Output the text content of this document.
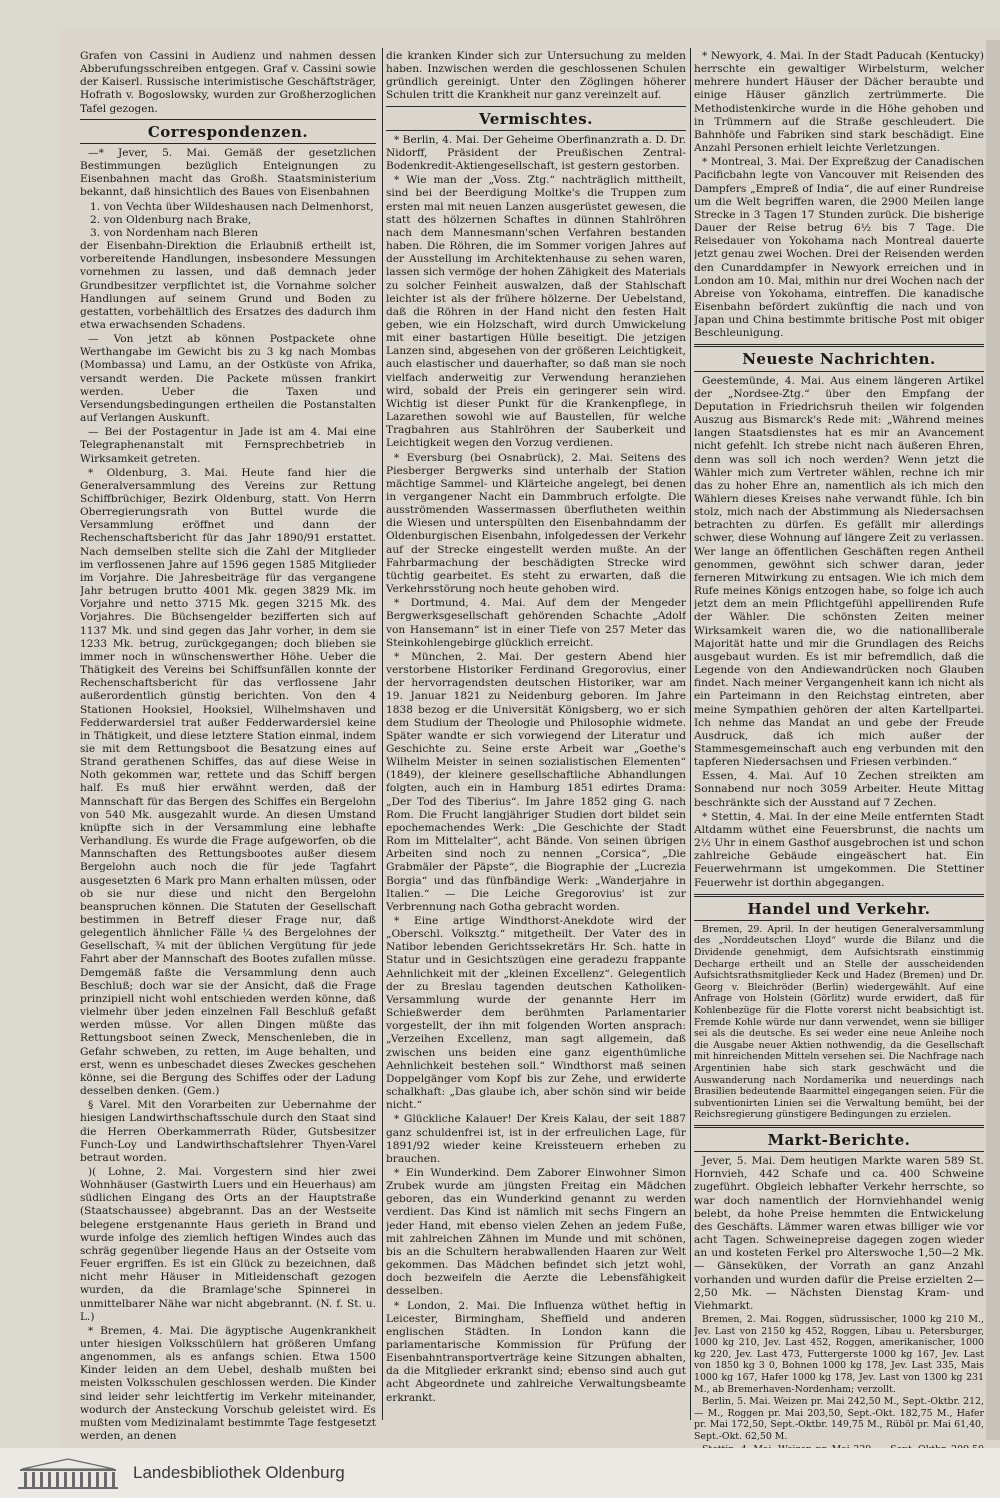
Grafen von Cassini in Audienz und nahmen dessen Abberufungsschreiben entgegen. Graf v. Cassini sowie der Kaiserl. Russische interimistische Geschäftsträger, Hofrath v. Bogoslowsky, wurden zur Großherzoglichen Tafel gezogen.

Correspondenzen.

—* Jever, 5. Mai. Gemäß der gesetzlichen Bestimmungen bezüglich Enteignungen zu Eisenbahnen macht das Großh. Staatsministerium bekannt, daß hinsichtlich des Baues von Eisenbahnen

1. von Vechta über Wildeshausen nach Delmenhorst,

2. von Oldenburg nach Brake,

3. von Nordenham nach Bleren

der Eisenbahn-Direktion die Erlaubniß ertheilt ist, vorbereitende Handlungen, insbesondere Messungen vornehmen zu lassen, und daß demnach jeder Grundbesitzer verpflichtet ist, die Vornahme solcher Handlungen auf seinem Grund und Boden zu gestatten, vorbehältlich des Ersatzes des dadurch ihm etwa erwachsenden Schadens.

— Von jetzt ab können Postpackete ohne Werthangabe im Gewicht bis zu 3 kg nach Mombas (Mombassa) und Lamu, an der Ostküste von Afrika, versandt werden. Die Packete müssen frankirt werden. Ueber die Taxen und Versendungsbedingungen ertheilen die Postanstalten auf Verlangen Auskunft.

— Bei der Postagentur in Jade ist am 4. Mai eine Telegraphenanstalt mit Fernsprechbetrieb in Wirksamkeit getreten.

* Oldenburg, 3. Mai. Heute fand hier die Generalversammlung des Vereins zur Rettung Schiffbrüchiger, Bezirk Oldenburg, statt. Von Herrn Oberregierungsrath von Buttel wurde die Versammlung eröffnet und dann der Rechenschaftsbericht für das Jahr 1890/91 erstattet. Nach demselben stellte sich die Zahl der Mitglieder im verflossenen Jahre auf 1596 gegen 1585 Mitglieder im Vorjahre. Die Jahresbeiträge für das vergangene Jahr betrugen brutto 4001 Mk. gegen 3829 Mk. im Vorjahre und netto 3715 Mk. gegen 3215 Mk. des Vorjahres. Die Büchsengelder bezifferten sich auf 1137 Mk. und sind gegen das Jahr vorher, in dem sie 1233 Mk. betrug, zurückgegangen; doch blieben sie immer noch in wünschenswerther Höhe. Ueber die Thätigkeit des Vereins bei Schiffsunfällen konnte der Rechenschaftsbericht für das verflossene Jahr außerordentlich günstig berichten. Von den 4 Stationen Hooksiel, Hooksiel, Wilhelmshaven und Fedderwardersiel trat außer Fedderwardersiel keine in Thätigkeit, und diese letztere Station einmal, indem sie mit dem Rettungsboot die Besatzung eines auf Strand gerathenen Schiffes, das auf diese Weise in Noth gekommen war, rettete und das Schiff bergen half. Es muß hier erwähnt werden, daß der Mannschaft für das Bergen des Schiffes ein Bergelohn von 540 Mk. ausgezahlt wurde. An diesen Umstand knüpfte sich in der Versammlung eine lebhafte Verhandlung. Es wurde die Frage aufgeworfen, ob die Mannschaften des Rettungsbootes außer diesem Bergelohn auch noch die für jede Tagfahrt ausgesetzten 6 Mark pro Mann erhalten müssen, oder ob sie nur diese und nicht den Bergelohn beanspruchen können. Die Statuten der Gesellschaft bestimmen in Betreff dieser Frage nur, daß gelegentlich ähnlicher Fälle ¼ des Bergelohnes der Gesellschaft, ¾ mit der üblichen Vergütung für jede Fahrt aber der Mannschaft des Bootes zufallen müsse. Demgemäß faßte die Versammlung denn auch Beschluß; doch war sie der Ansicht, daß die Frage prinzipiell nicht wohl entschieden werden könne, daß vielmehr über jeden einzelnen Fall Beschluß gefaßt werden müsse. Vor allen Dingen müßte das Rettungsboot seinen Zweck, Menschenleben, die in Gefahr schweben, zu retten, im Auge behalten, und erst, wenn es unbeschadet dieses Zweckes geschehen könne, sei die Bergung des Schiffes oder der Ladung desselben denken. (Gem.)

§ Varel. Mit den Vorarbeiten zur Uebernahme der hiesigen Landwirthschaftsschule durch den Staat sind die Herren Oberkammerrath Rüder, Gutsbesitzer Funch-Loy und Landwirthschaftslehrer Thyen-Varel betraut worden.

)( Lohne, 2. Mai. Vorgestern sind hier zwei Wohnhäuser (Gastwirth Luers und ein Heuerhaus) am südlichen Eingang des Orts an der Hauptstraße (Staatschaussee) abgebrannt. Das an der Westseite belegene erstgenannte Haus gerieth in Brand und wurde infolge des ziemlich heftigen Windes auch das schräg gegenüber liegende Haus an der Ostseite vom Feuer ergriffen. Es ist ein Glück zu bezeichnen, daß nicht mehr Häuser in Mitleidenschaft gezogen wurden, da die Bramlage'sche Spinnerei in unmittelbarer Nähe war nicht abgebrannt. (N. f. St. u. L.)

* Bremen, 4. Mai. Die ägyptische Augenkrankheit unter hiesigen Volksschülern hat größeren Umfang angenommen, als es anfangs schien. Etwa 1500 Kinder leiden an dem Uebel, deshalb mußten bei meisten Volksschulen geschlossen werden. Die Kinder sind leider sehr leichtfertig im Verkehr miteinander, wodurch der Ansteckung Vorschub geleistet wird. Es mußten vom Medizinalamt bestimmte Tage festgesetzt werden, an denen

die kranken Kinder sich zur Untersuchung zu melden haben. Inzwischen werden die geschlossenen Schulen gründlich gereinigt. Unter den Zöglingen höherer Schulen tritt die Krankheit nur ganz vereinzelt auf.

Vermischtes.

* Berlin, 4. Mai. Der Geheime Oberfinanzrath a. D. Dr. Nidorff, Präsident der Preußischen Zentral-Bodenkredit-Aktiengesellschaft, ist gestern gestorben.

* Wie man der „Voss. Ztg.“ nachträglich mittheilt, sind bei der Beerdigung Moltke's die Truppen zum ersten mal mit neuen Lanzen ausgerüstet gewesen, die statt des hölzernen Schaftes in dünnen Stahlröhren nach dem Mannesmann'schen Verfahren bestanden haben. Die Röhren, die im Sommer vorigen Jahres auf der Ausstellung im Architektenhause zu sehen waren, lassen sich vermöge der hohen Zähigkeit des Materials zu solcher Feinheit auswalzen, daß der Stahlschaft leichter ist als der frühere hölzerne. Der Uebelstand, daß die Röhren in der Hand nicht den festen Halt geben, wie ein Holzschaft, wird durch Umwickelung mit einer bastartigen Hülle beseitigt. Die jetzigen Lanzen sind, abgesehen von der größeren Leichtigkeit, auch elastischer und dauerhafter, so daß man sie noch vielfach anderweitig zur Verwendung heranziehen wird, sobald der Preis ein geringerer sein wird. Wichtig ist dieser Punkt für die Krankenpflege, in Lazarethen sowohl wie auf Baustellen, für welche Tragbahren aus Stahlröhren der Sauberkeit und Leichtigkeit wegen den Vorzug verdienen.

* Eversburg (bei Osnabrück), 2. Mai. Seitens des Piesberger Bergwerks sind unterhalb der Station mächtige Sammel- und Klärteiche angelegt, bei denen in vergangener Nacht ein Dammbruch erfolgte. Die ausströmenden Wassermassen überflutheten weithin die Wiesen und unterspülten den Eisenbahndamm der Oldenburgischen Eisenbahn, infolgedessen der Verkehr auf der Strecke eingestellt werden mußte. An der Fahrbarmachung der beschädigten Strecke wird tüchtig gearbeitet. Es steht zu erwarten, daß die Verkehrsstörung noch heute gehoben wird.

* Dortmund, 4. Mai. Auf dem der Mengeder Bergwerksgesellschaft gehörenden Schachte „Adolf von Hansemann“ ist in einer Tiefe von 257 Meter das Steinkohlengebirge glücklich erreicht.

* München, 2. Mai. Der gestern Abend hier verstorbene Historiker Ferdinand Gregorovius, einer der hervorragendsten deutschen Historiker, war am 19. Januar 1821 zu Neidenburg geboren. Im Jahre 1838 bezog er die Universität Königsberg, wo er sich dem Studium der Theologie und Philosophie widmete. Später wandte er sich vorwiegend der Literatur und Geschichte zu. Seine erste Arbeit war „Goethe's Wilhelm Meister in seinen sozialistischen Elementen“ (1849), der kleinere gesellschaftliche Abhandlungen folgten, auch ein in Hamburg 1851 edirtes Drama: „Der Tod des Tiberius“. Im Jahre 1852 ging G. nach Rom. Die Frucht langjähriger Studien dort bildet sein epochemachendes Werk: „Die Geschichte der Stadt Rom im Mittelalter“, acht Bände. Von seinen übrigen Arbeiten sind noch zu nennen „Corsica“, „Die Grabmäler der Päpste“, die Biographie der „Lucrezia Borgia“ und das fünfbändige Werk: „Wanderjahre in Italien.“ — Die Leiche Gregorovius' ist zur Verbrennung nach Gotha gebracht worden.

* Eine artige Windthorst-Anekdote wird der „Oberschl. Volksztg.“ mitgetheilt. Der Vater des in Natibor lebenden Gerichtssekretärs Hr. Sch. hatte in Statur und in Gesichtszügen eine geradezu frappante Aehnlichkeit mit der „kleinen Excellenz“. Gelegentlich der zu Breslau tagenden deutschen Katholiken-Versammlung wurde der genannte Herr im Schießwerder dem berühmten Parlamentarier vorgestellt, der ihn mit folgenden Worten ansprach: „Verzeihen Excellenz, man sagt allgemein, daß zwischen uns beiden eine ganz eigenthümliche Aehnlichkeit bestehen soll.“ Windthorst maß seinen Doppelgänger vom Kopf bis zur Zehe, und erwiderte schalkhaft: „Das glaube ich, aber schön sind wir beide nicht.“

* Glückliche Kalauer! Der Kreis Kalau, der seit 1887 ganz schuldenfrei ist, ist in der erfreulichen Lage, für 1891/92 wieder keine Kreissteuern erheben zu brauchen.

* Ein Wunderkind. Dem Zaborer Einwohner Simon Zrubek wurde am jüngsten Freitag ein Mädchen geboren, das ein Wunderkind genannt zu werden verdient. Das Kind ist nämlich mit sechs Fingern an jeder Hand, mit ebenso vielen Zehen an jedem Fuße, mit zahlreichen Zähnen im Munde und mit schönen, bis an die Schultern herabwallenden Haaren zur Welt gekommen. Das Mädchen befindet sich jetzt wohl, doch bezweifeln die Aerzte die Lebensfähigkeit desselben.

* London, 2. Mai. Die Influenza wüthet heftig in Leicester, Birmingham, Sheffield und anderen englischen Städten. In London kann die parlamentarische Kommission für Prüfung der Eisenbahntransportverträge keine Sitzungen abhalten, da die Mitglieder erkrankt sind; ebenso sind auch gut acht Abgeordnete und zahlreiche Verwaltungsbeamte erkrankt.

* Newyork, 4. Mai. In der Stadt Paducah (Kentucky) herrschte ein gewaltiger Wirbelsturm, welcher mehrere hundert Häuser der Dächer beraubte und einige Häuser gänzlich zertrümmerte. Die Methodistenkirche wurde in die Höhe gehoben und in Trümmern auf die Straße geschleudert. Die Bahnhöfe und Fabriken sind stark beschädigt. Eine Anzahl Personen erhielt leichte Verletzungen.

* Montreal, 3. Mai. Der Expreßzug der Canadischen Pacificbahn legte von Vancouver mit Reisenden des Dampfers „Empreß of India“, die auf einer Rundreise um die Welt begriffen waren, die 2900 Meilen lange Strecke in 3 Tagen 17 Stunden zurück. Die bisherige Dauer der Reise betrug 6½ bis 7 Tage. Die Reisedauer von Yokohama nach Montreal dauerte jetzt genau zwei Wochen. Drei der Reisenden werden den Cunarddampfer in Newyork erreichen und in London am 10. Mai, mithin nur drei Wochen nach der Abreise von Yokohama, eintreffen. Die kanadische Eisenbahn befördert zukünftig die nach und von Japan und China bestimmte britische Post mit obiger Beschleunigung.

Neueste Nachrichten.

Geestemünde, 4. Mai. Aus einem längeren Artikel der „Nordsee-Ztg.“ über den Empfang der Deputation in Friedrichsruh theilen wir folgenden Auszug aus Bismarck's Rede mit: „Während meines langen Staatsdienstes hat es mir an Avancement nicht gefehlt. Ich strebe nicht nach äußeren Ehren, denn was soll ich noch werden? Wenn jetzt die Wähler mich zum Vertreter wählen, rechne ich mir das zu hoher Ehre an, namentlich als ich mich den Wählern dieses Kreises nahe verwandt fühle. Ich bin stolz, mich nach der Abstimmung als Niedersachsen betrachten zu dürfen. Es gefällt mir allerdings schwer, diese Wohnung auf längere Zeit zu verlassen. Wer lange an öffentlichen Geschäften regen Antheil genommen, gewöhnt sich schwer daran, jeder ferneren Mitwirkung zu entsagen. Wie ich mich dem Rufe meines Königs entzogen habe, so folge ich auch jetzt dem an mein Pflichtgefühl appellirenden Rufe der Wähler. Die schönsten Zeiten meiner Wirksamkeit waren die, wo die nationalliberale Majorität hatte und mir die Grundlagen des Reichs ausgebaut wurden. Es ist mir befremdlich, daß die Legende von den Andiewandrücken noch Glauben findet. Nach meiner Vergangenheit kann ich nicht als ein Parteimann in den Reichstag eintreten, aber meine Sympathien gehören der alten Kartellpartei. Ich nehme das Mandat an und gebe der Freude Ausdruck, daß ich mich außer der Stammesgemeinschaft auch eng verbunden mit den tapferen Niedersachsen und Friesen verbinden.“

Essen, 4. Mai. Auf 10 Zechen streikten am Sonnabend nur noch 3059 Arbeiter. Heute Mittag beschränkte sich der Ausstand auf 7 Zechen.

* Stettin, 4. Mai. In der eine Meile entfernten Stadt Altdamm wüthet eine Feuersbrunst, die nachts um 2½ Uhr in einem Gasthof ausgebrochen ist und schon zahlreiche Gebäude eingeäschert hat. Ein Feuerwehrmann ist umgekommen. Die Stettiner Feuerwehr ist dorthin abgegangen.

Handel und Verkehr.

Bremen, 29. April. In der heutigen Generalversammlung des „Norddeutschen Lloyd“ wurde die Bilanz und die Dividende genehmigt, dem Aufsichtsrath einstimmig Decharge ertheilt und an Stelle der ausscheidenden Aufsichtsrathsmitglieder Keck und Hadez (Bremen) und Dr. Georg v. Bleichröder (Berlin) wiedergewählt. Auf eine Anfrage von Holstein (Görlitz) wurde erwidert, daß für Kohlenbezüge für die Flotte vorerst nicht beabsichtigt ist. Fremde Kohle würde nur dann verwendet, wenn sie billiger sei als die deutsche. Es sei weder eine neue Anleihe noch die Ausgabe neuer Aktien nothwendig, da die Gesellschaft mit hinreichenden Mitteln versehen sei. Die Nachfrage nach Argentinien habe sich stark geschwächt und die Auswanderung nach Nordamerika und neuerdings nach Brasilien bedeutende Baarmittel eingegangen seien. Für die subventionirten Linien sei die Verwaltung bemüht, bei der Reichsregierung günstigere Bedingungen zu erzielen.

Markt-Berichte.

Jever, 5. Mai. Dem heutigen Markte waren 589 St. Hornvieh, 442 Schafe und ca. 400 Schweine zugeführt. Obgleich lebhafter Verkehr herrschte, so war doch namentlich der Hornviehhandel wenig belebt, da hohe Preise hemmten die Entwickelung des Geschäfts. Lämmer waren etwas billiger wie vor acht Tagen. Schweinepreise dagegen zogen wieder an und kosteten Ferkel pro Alterswoche 1,50—2 Mk. — Gänseküken, der Vorrath an ganz Anzahl vorhanden und wurden dafür die Preise erzielten 2—2,50 Mk. — Nächsten Dienstag Kram- und Viehmarkt.

Bremen, 2. Mai. Roggen, südrussischer, 1000 kg 210 M., Jev. Last von 2150 kg 452, Roggen, Libau u. Petersburger, 1000 kg 210, Jev. Last 452, Roggen, amerikanischer, 1000 kg 220, Jev. Last 473, Futtergerste 1000 kg 167, Jev. Last von 1850 kg 3 0, Bohnen 1000 kg 178, Jev. Last 335, Mais 1000 kg 167, Hafer 1000 kg 178, Jev. Last von 1300 kg 231 M., ab Bremerhaven-Nordenham; verzollt.

Berlin, 5. Mai. Weizen pr. Mai 242,50 M., Sept.-Oktbr. 212,— M., Roggen pr. Mai 203,50, Sept.-Okt. 182,75 M., Hafer pr. Mai 172,50, Sept.-Oktbr. 149,75 M., Rüböl pr. Mai 61,40, Sept.-Okt. 62,50 M.

Landesbibliothek Oldenburg
